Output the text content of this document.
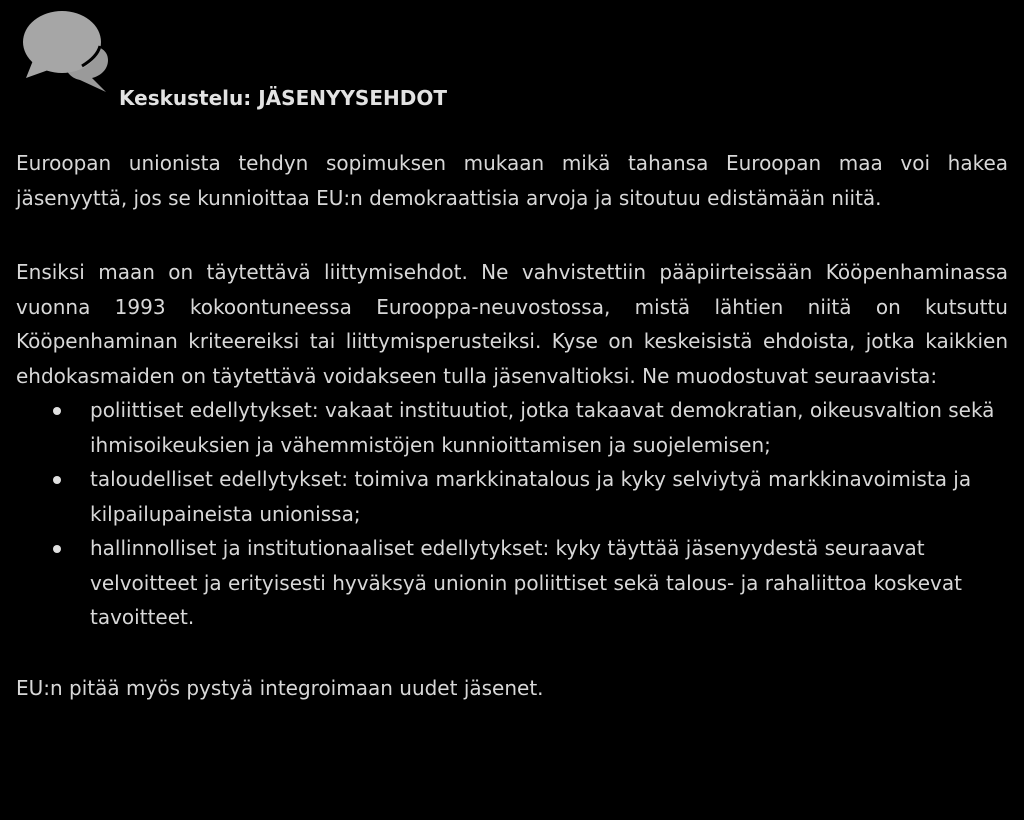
Keskustelu: JÄSENYYSEHDOT

Euroopan unionista tehdyn sopimuksen mukaan mikä tahansa Euroopan maa voi hakea jäsenyyttä, jos se kunnioittaa EU:n demokraattisia arvoja ja sitoutuu edistämään niitä.

Ensiksi maan on täytettävä liittymisehdot. Ne vahvistettiin pääpiirteissään Kööpenhaminassa vuonna 1993 kokoontuneessa Eurooppa-neuvostossa, mistä lähtien niitä on kutsuttu Kööpenhaminan kriteereiksi tai liittymisperusteiksi. Kyse on keskeisistä ehdoista, jotka kaikkien ehdokasmaiden on täytettävä voidakseen tulla jäsenvaltioksi. Ne muodostuvat seuraavista:

poliittiset edellytykset: vakaat instituutiot, jotka takaavat demokratian, oikeusvaltion sekä ihmisoikeuksien ja vähemmistöjen kunnioittamisen ja suojelemisen;
taloudelliset edellytykset: toimiva markkinatalous ja kyky selviytyä markkinavoimista ja kilpailupaineista unionissa;
hallinnolliset ja institutionaaliset edellytykset: kyky täyttää jäsenyydestä seuraavat velvoitteet ja erityisesti hyväksyä unionin poliittiset sekä talous- ja rahaliittoa koskevat tavoitteet.

EU:n pitää myös pystyä integroimaan uudet jäsenet.
